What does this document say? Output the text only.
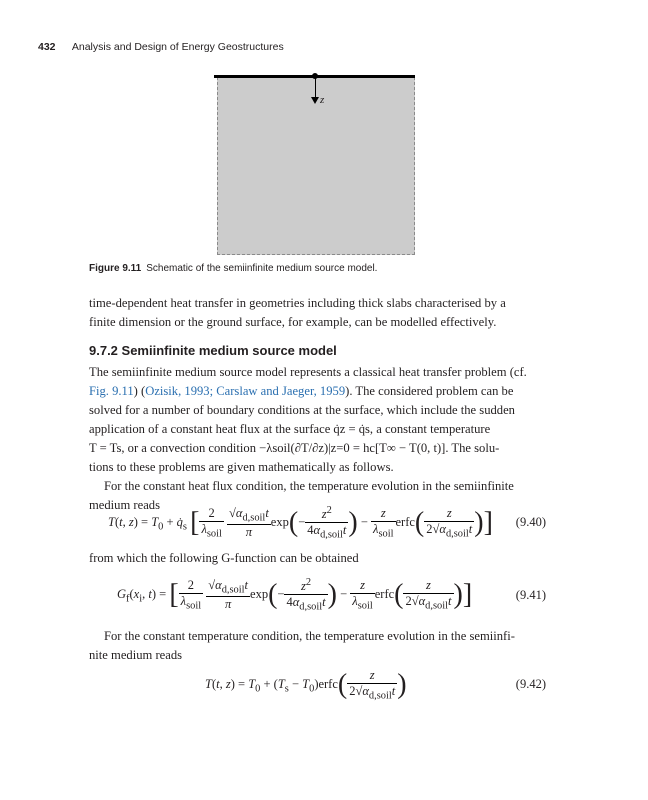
432 Analysis and Design of Energy Geostructures
z
Figure 9.11 Schematic of the semiinfinite medium source model.
time-dependent heat transfer in geometries including thick slabs characterised by a
finite dimension or the ground surface, for example, can be modelled effectively.
9.7.2 Semiinfinite medium source model
The semiinfinite medium source model represents a classical heat transfer problem (cf.
Fig. 9.11) (Ozisik, 1993; Carslaw and Jaeger, 1959). The considered problem can be
solved for a number of boundary conditions at the surface, which include the sudden
application of a constant heat flux at the surface q̇z = q̇s, a constant temperature
T = Ts, or a convection condition −λsoil(∂T/∂z)|z=0 = hc[T∞ − T(0, t)]. The solu-
tions to these problems are given mathematically as follows.
For the constant heat flux condition, the temperature evolution in the semiinfinite
medium reads
T(t, $z) = T_0$ + $q̇_s$ [ $\frac{2}{\lambda_{soil}}$
$\frac{√\alpha_{d,soil}t}{\pi} \exp(- \frac{z^2}{4\alpha_{d,soil}t}$ ) − $\frac{z}{\lambda_{soil}}$ erfc( $\frac{z}{2√\alpha_{d,soil}t}$ )]	(9.40)
from which the following G-function can be obtained
$G_f(x_i$, t) = [ $\frac{2}{\lambda_{soil}}$
$\frac{√\alpha_{d,soil}t}{\pi} \exp(- \frac{z^2}{4\alpha_{d,soil}t}$ ) − $\frac{z}{\lambda_{soil}}$ erfc( $\frac{z}{2√\alpha_{d,soil}t}$ )]	(9.41)
For the constant temperature condition, the temperature evolution in the semiinfi-
nite medium reads
T(t, $z) = T_0 + (T_s$ − $T_0)erfc( \frac{z}{2√\alpha_{d,soil}t}$ )	(9.42)
